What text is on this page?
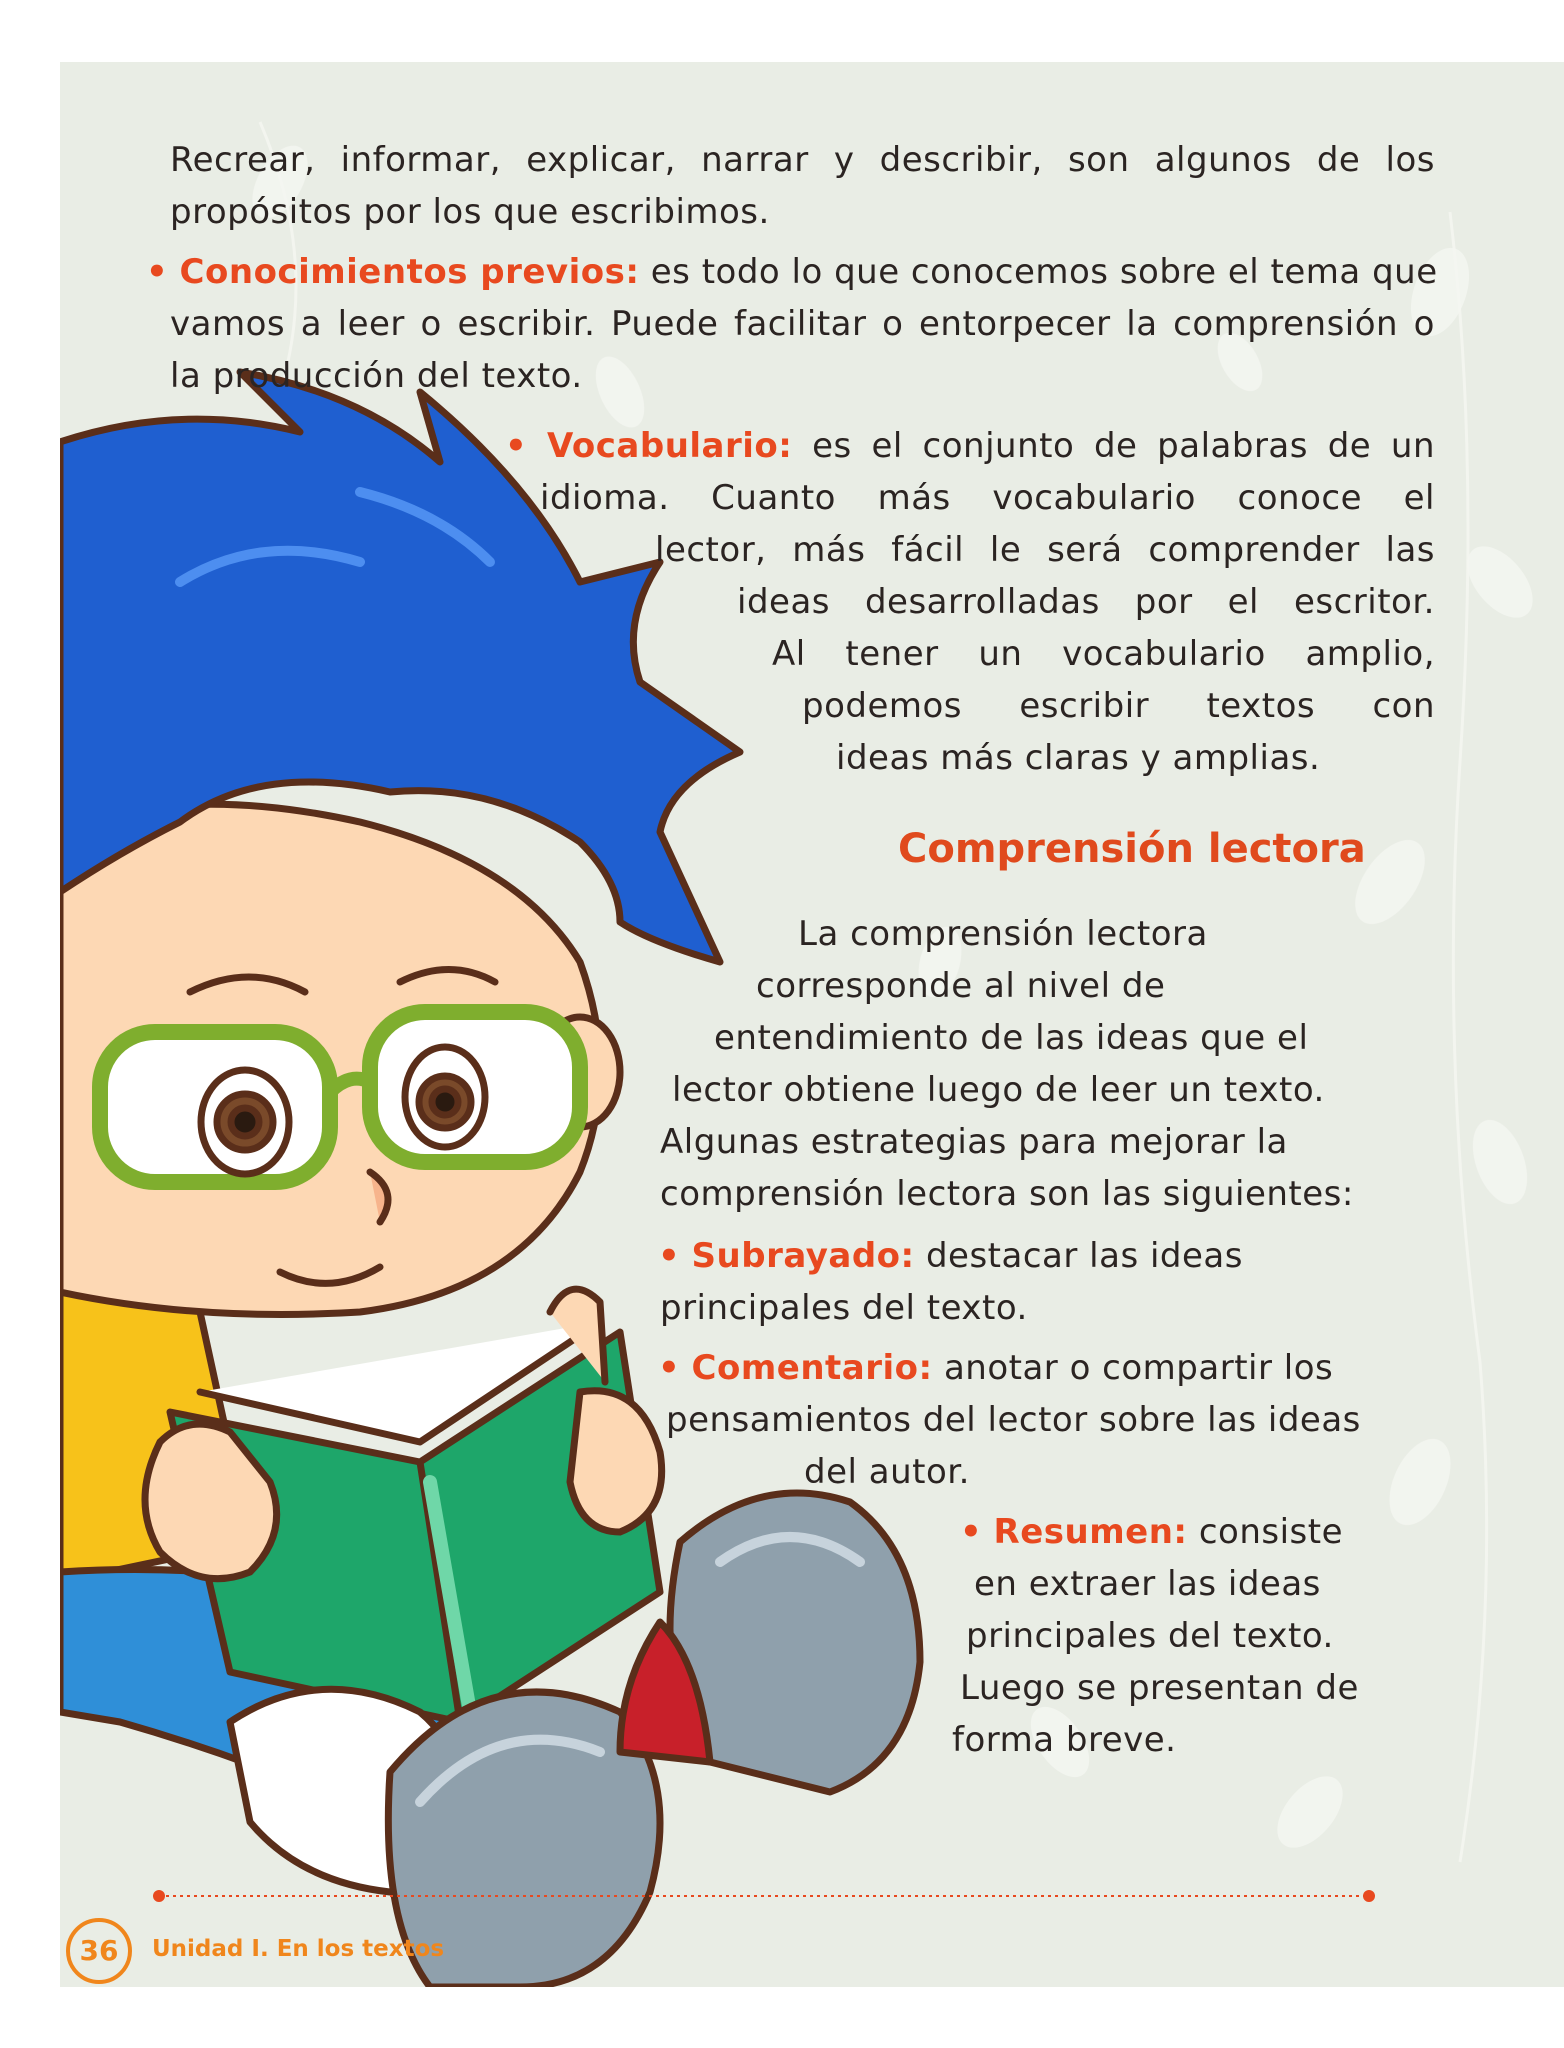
Recrear, informar, explicar, narrar y describir, son algunos de los
propósitos por los que escribimos.
• Conocimientos previos: es todo lo que conocemos sobre el tema que
vamos a leer o escribir. Puede facilitar o entorpecer la comprensión o
la producción del texto.
• Vocabulario: es el conjunto de palabras de un
idioma. Cuanto más vocabulario conoce el
lector, más fácil le será comprender las
ideas desarrolladas por el escritor.
Al tener un vocabulario amplio,
podemos escribir textos con
ideas más claras y amplias.
Comprensión lectora
La comprensión lectora
corresponde al nivel de
entendimiento de las ideas que el
lector obtiene luego de leer un texto.
Algunas estrategias para mejorar la
comprensión lectora son las siguientes:
• Subrayado: destacar las ideas
principales del texto.
• Comentario: anotar o compartir los
pensamientos del lector sobre las ideas
del autor.
• Resumen: consiste
en extraer las ideas
principales del texto.
Luego se presentan de
forma breve.
36	Unidad I. En los textos
